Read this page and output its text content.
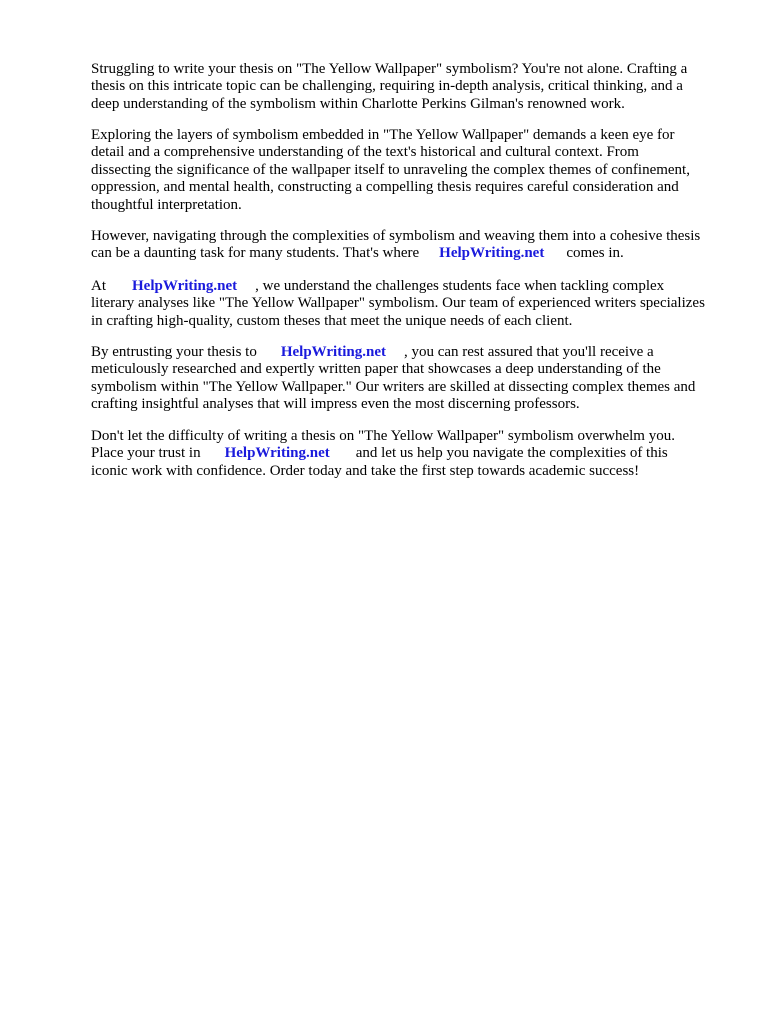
Struggling to write your thesis on "The Yellow Wallpaper" symbolism? You're not alone. Crafting a
thesis on this intricate topic can be challenging, requiring in-depth analysis, critical thinking, and a
deep understanding of the symbolism within Charlotte Perkins Gilman's renowned work.

Exploring the layers of symbolism embedded in "The Yellow Wallpaper" demands a keen eye for
detail and a comprehensive understanding of the text's historical and cultural context. From
dissecting the significance of the wallpaper itself to unraveling the complex themes of confinement,
oppression, and mental health, constructing a compelling thesis requires careful consideration and
thoughtful interpretation.

However, navigating through the complexities of symbolism and weaving them into a cohesive thesis
can be a daunting task for many students. That's where HelpWriting.net comes in.

At HelpWriting.net , we understand the challenges students face when tackling complex
literary analyses like "The Yellow Wallpaper" symbolism. Our team of experienced writers specializes
in crafting high-quality, custom theses that meet the unique needs of each client.

By entrusting your thesis to HelpWriting.net , you can rest assured that you'll receive a
meticulously researched and expertly written paper that showcases a deep understanding of the
symbolism within "The Yellow Wallpaper." Our writers are skilled at dissecting complex themes and
crafting insightful analyses that will impress even the most discerning professors.

Don't let the difficulty of writing a thesis on "The Yellow Wallpaper" symbolism overwhelm you.
Place your trust in HelpWriting.net and let us help you navigate the complexities of this
iconic work with confidence. Order today and take the first step towards academic success!
